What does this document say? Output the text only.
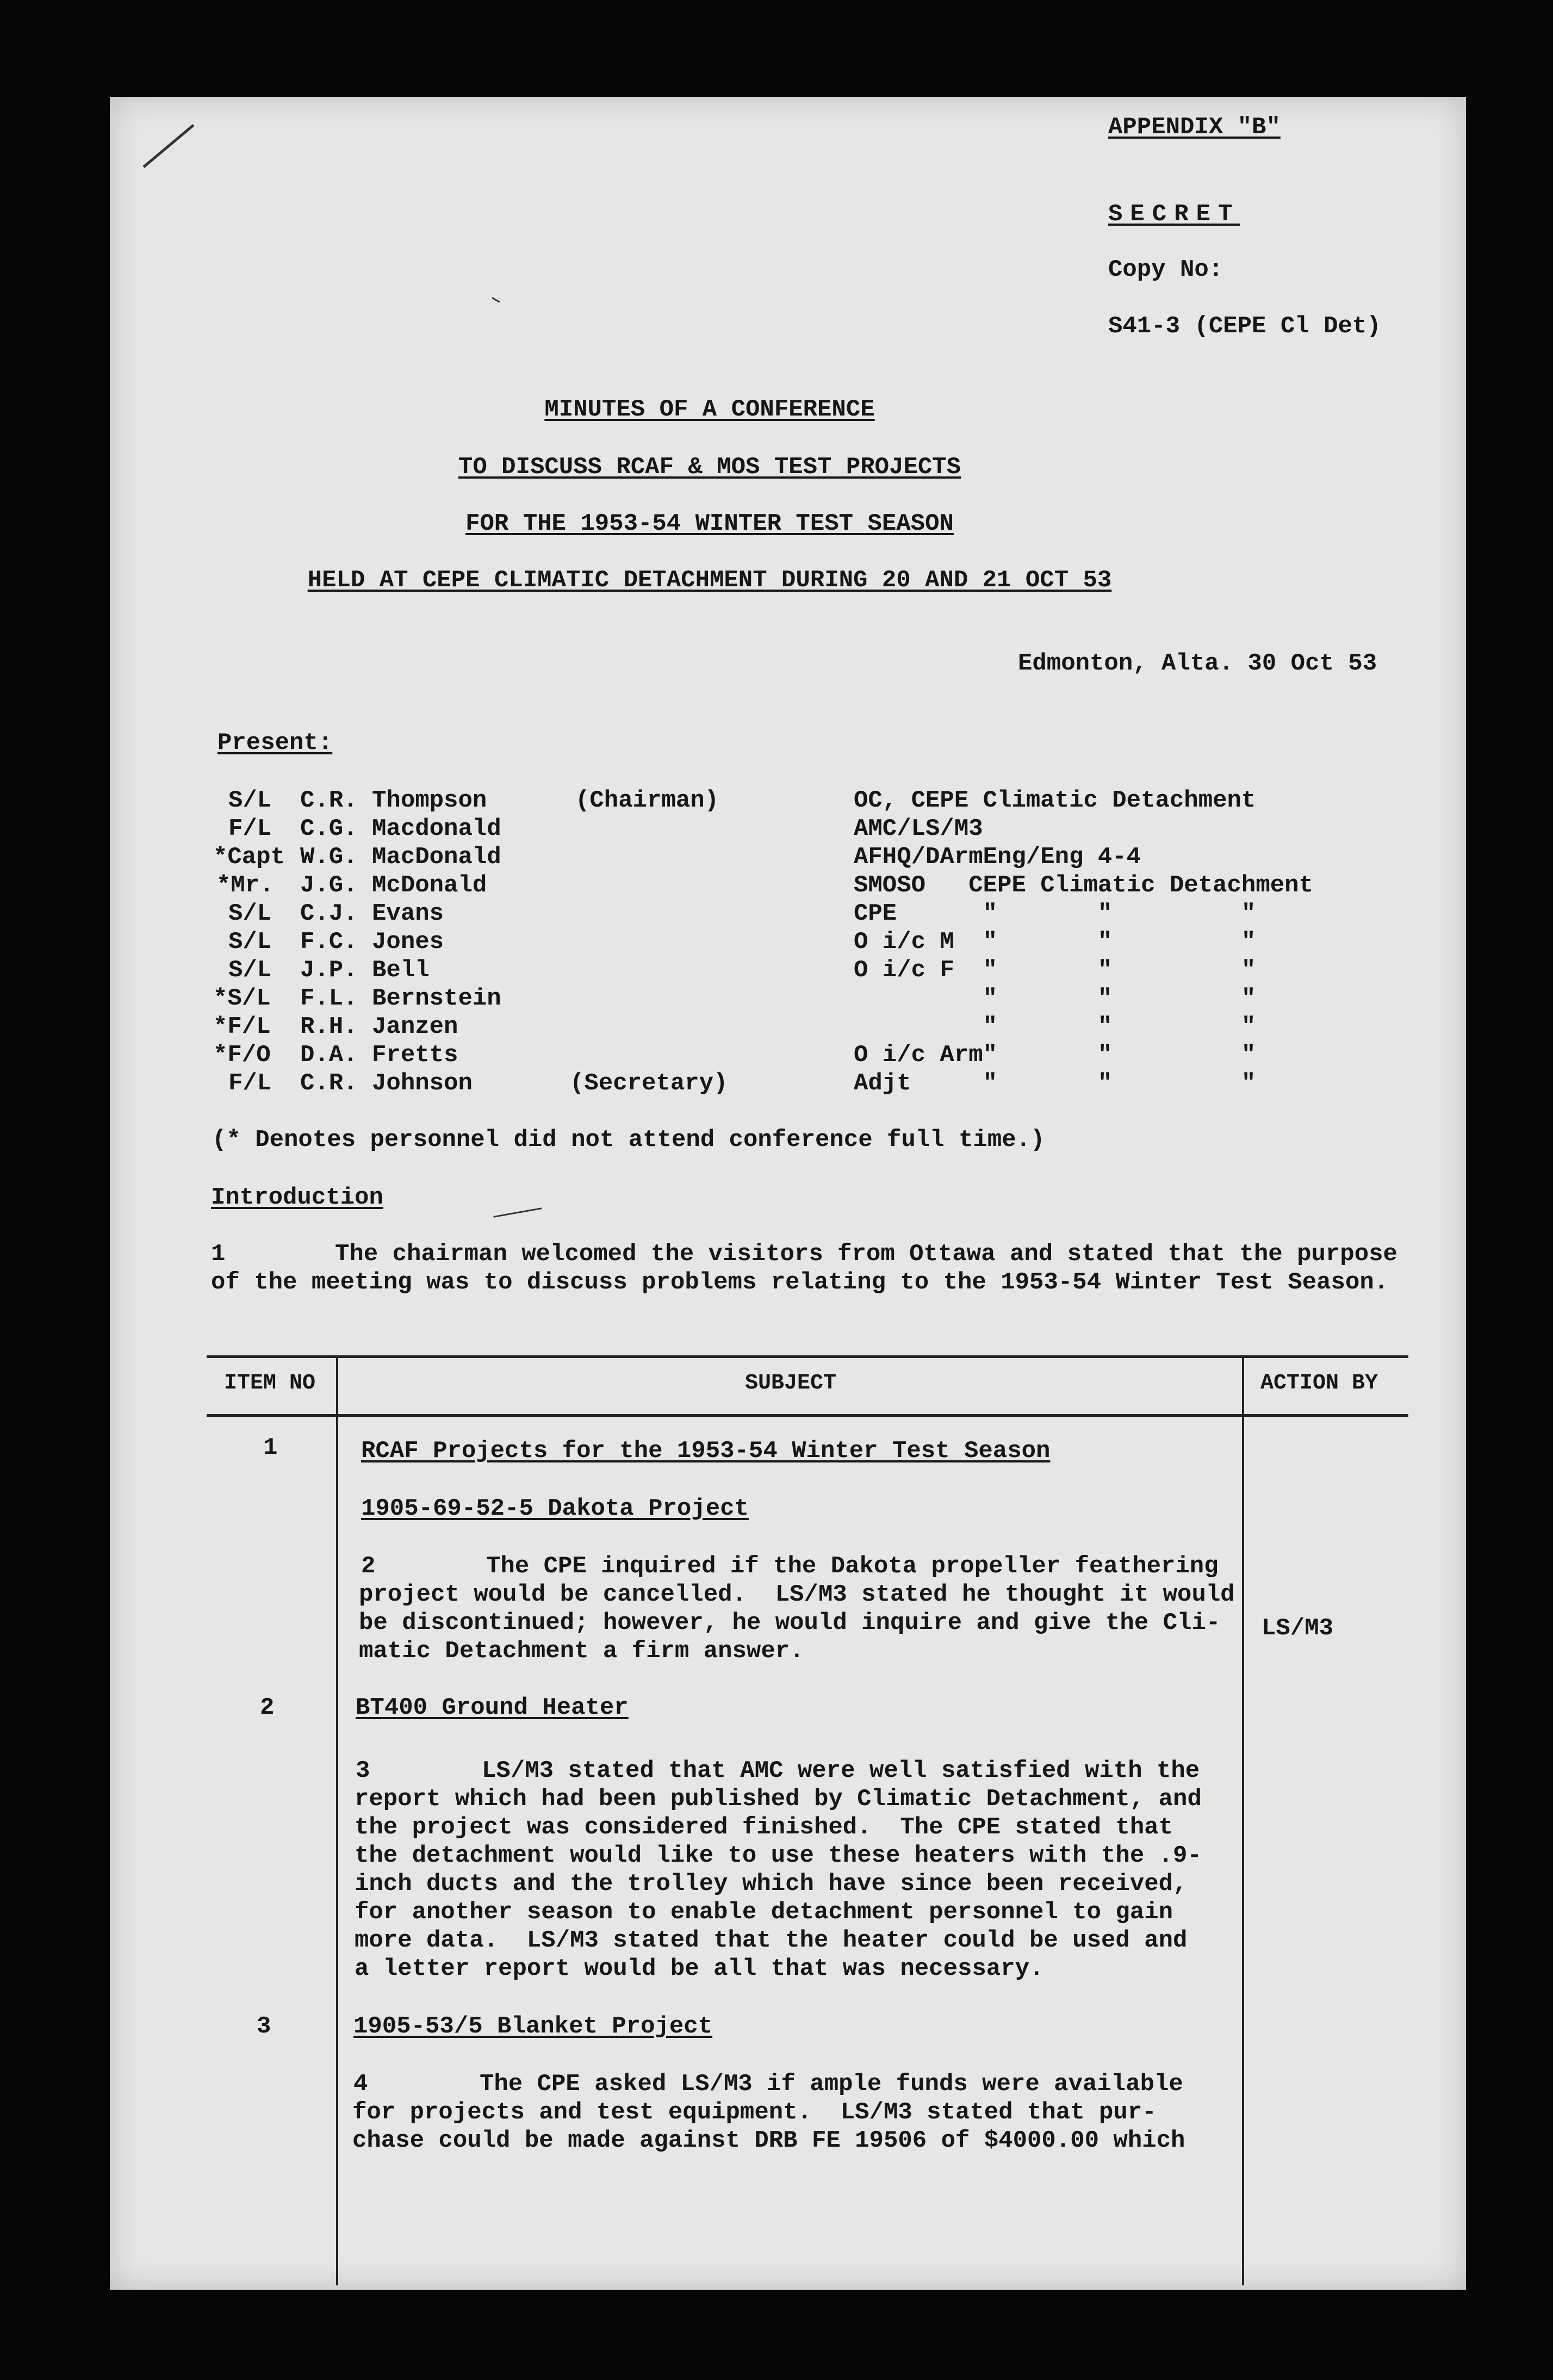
APPENDIX "B"
SECRET
Copy No:
S41-3 (CEPE Cl Det)
MINUTES OF A CONFERENCE
TO DISCUSS RCAF & MOS TEST PROJECTS
FOR THE 1953-54 WINTER TEST SEASON
HELD AT CEPE CLIMATIC DETACHMENT DURING 20 AND 21 OCT 53
Edmonton, Alta. 30 Oct 53
Present:
S/L C.R. Thompson	(Chairman)	OC, CEPE Climatic Detachment
F/L C.G. Macdonald	AMC/LS/M3
*Capt W.G. MacDonald	AFHQ/DArmEng/Eng 4-4
*Mr. J.G. McDonald	SMOSO   CEPE Climatic Detachment
S/L C.J. Evans	CPE      "       "         "
S/L F.C. Jones	O i/c M  "       "         "
S/L J.P. Bell	O i/c F  "       "         "
*S/L F.L. Bernstein	"       "         "
*F/L R.H. Janzen	"       "         "
*F/O D.A. Fretts	O i/c Arm"       "         "
F/L C.R. Johnson	(Secretary)	Adjt     "       "         "
(* Denotes personnel did not attend conference full time.)
Introduction
1	The chairman welcomed the visitors from Ottawa and stated that the purpose
of the meeting was to discuss problems relating to the 1953-54 Winter Test Season.
ITEM NO	SUBJECT	ACTION BY
1	RCAF Projects for the 1953-54 Winter Test Season
1905-69-52-5 Dakota Project
2	The CPE inquired if the Dakota propeller feathering
project would be cancelled.  LS/M3 stated he thought it would
be discontinued; however, he would inquire and give the Cli-
matic Detachment a firm answer.
LS/M3
2	BT400 Ground Heater
3	LS/M3 stated that AMC were well satisfied with the
report which had been published by Climatic Detachment, and
the project was considered finished.  The CPE stated that
the detachment would like to use these heaters with the .9-
inch ducts and the trolley which have since been received,
for another season to enable detachment personnel to gain
more data.  LS/M3 stated that the heater could be used and
a letter report would be all that was necessary.
3	1905-53/5 Blanket Project
4	The CPE asked LS/M3 if ample funds were available
for projects and test equipment.  LS/M3 stated that pur-
chase could be made against DRB FE 19506 of $4000.00 which
